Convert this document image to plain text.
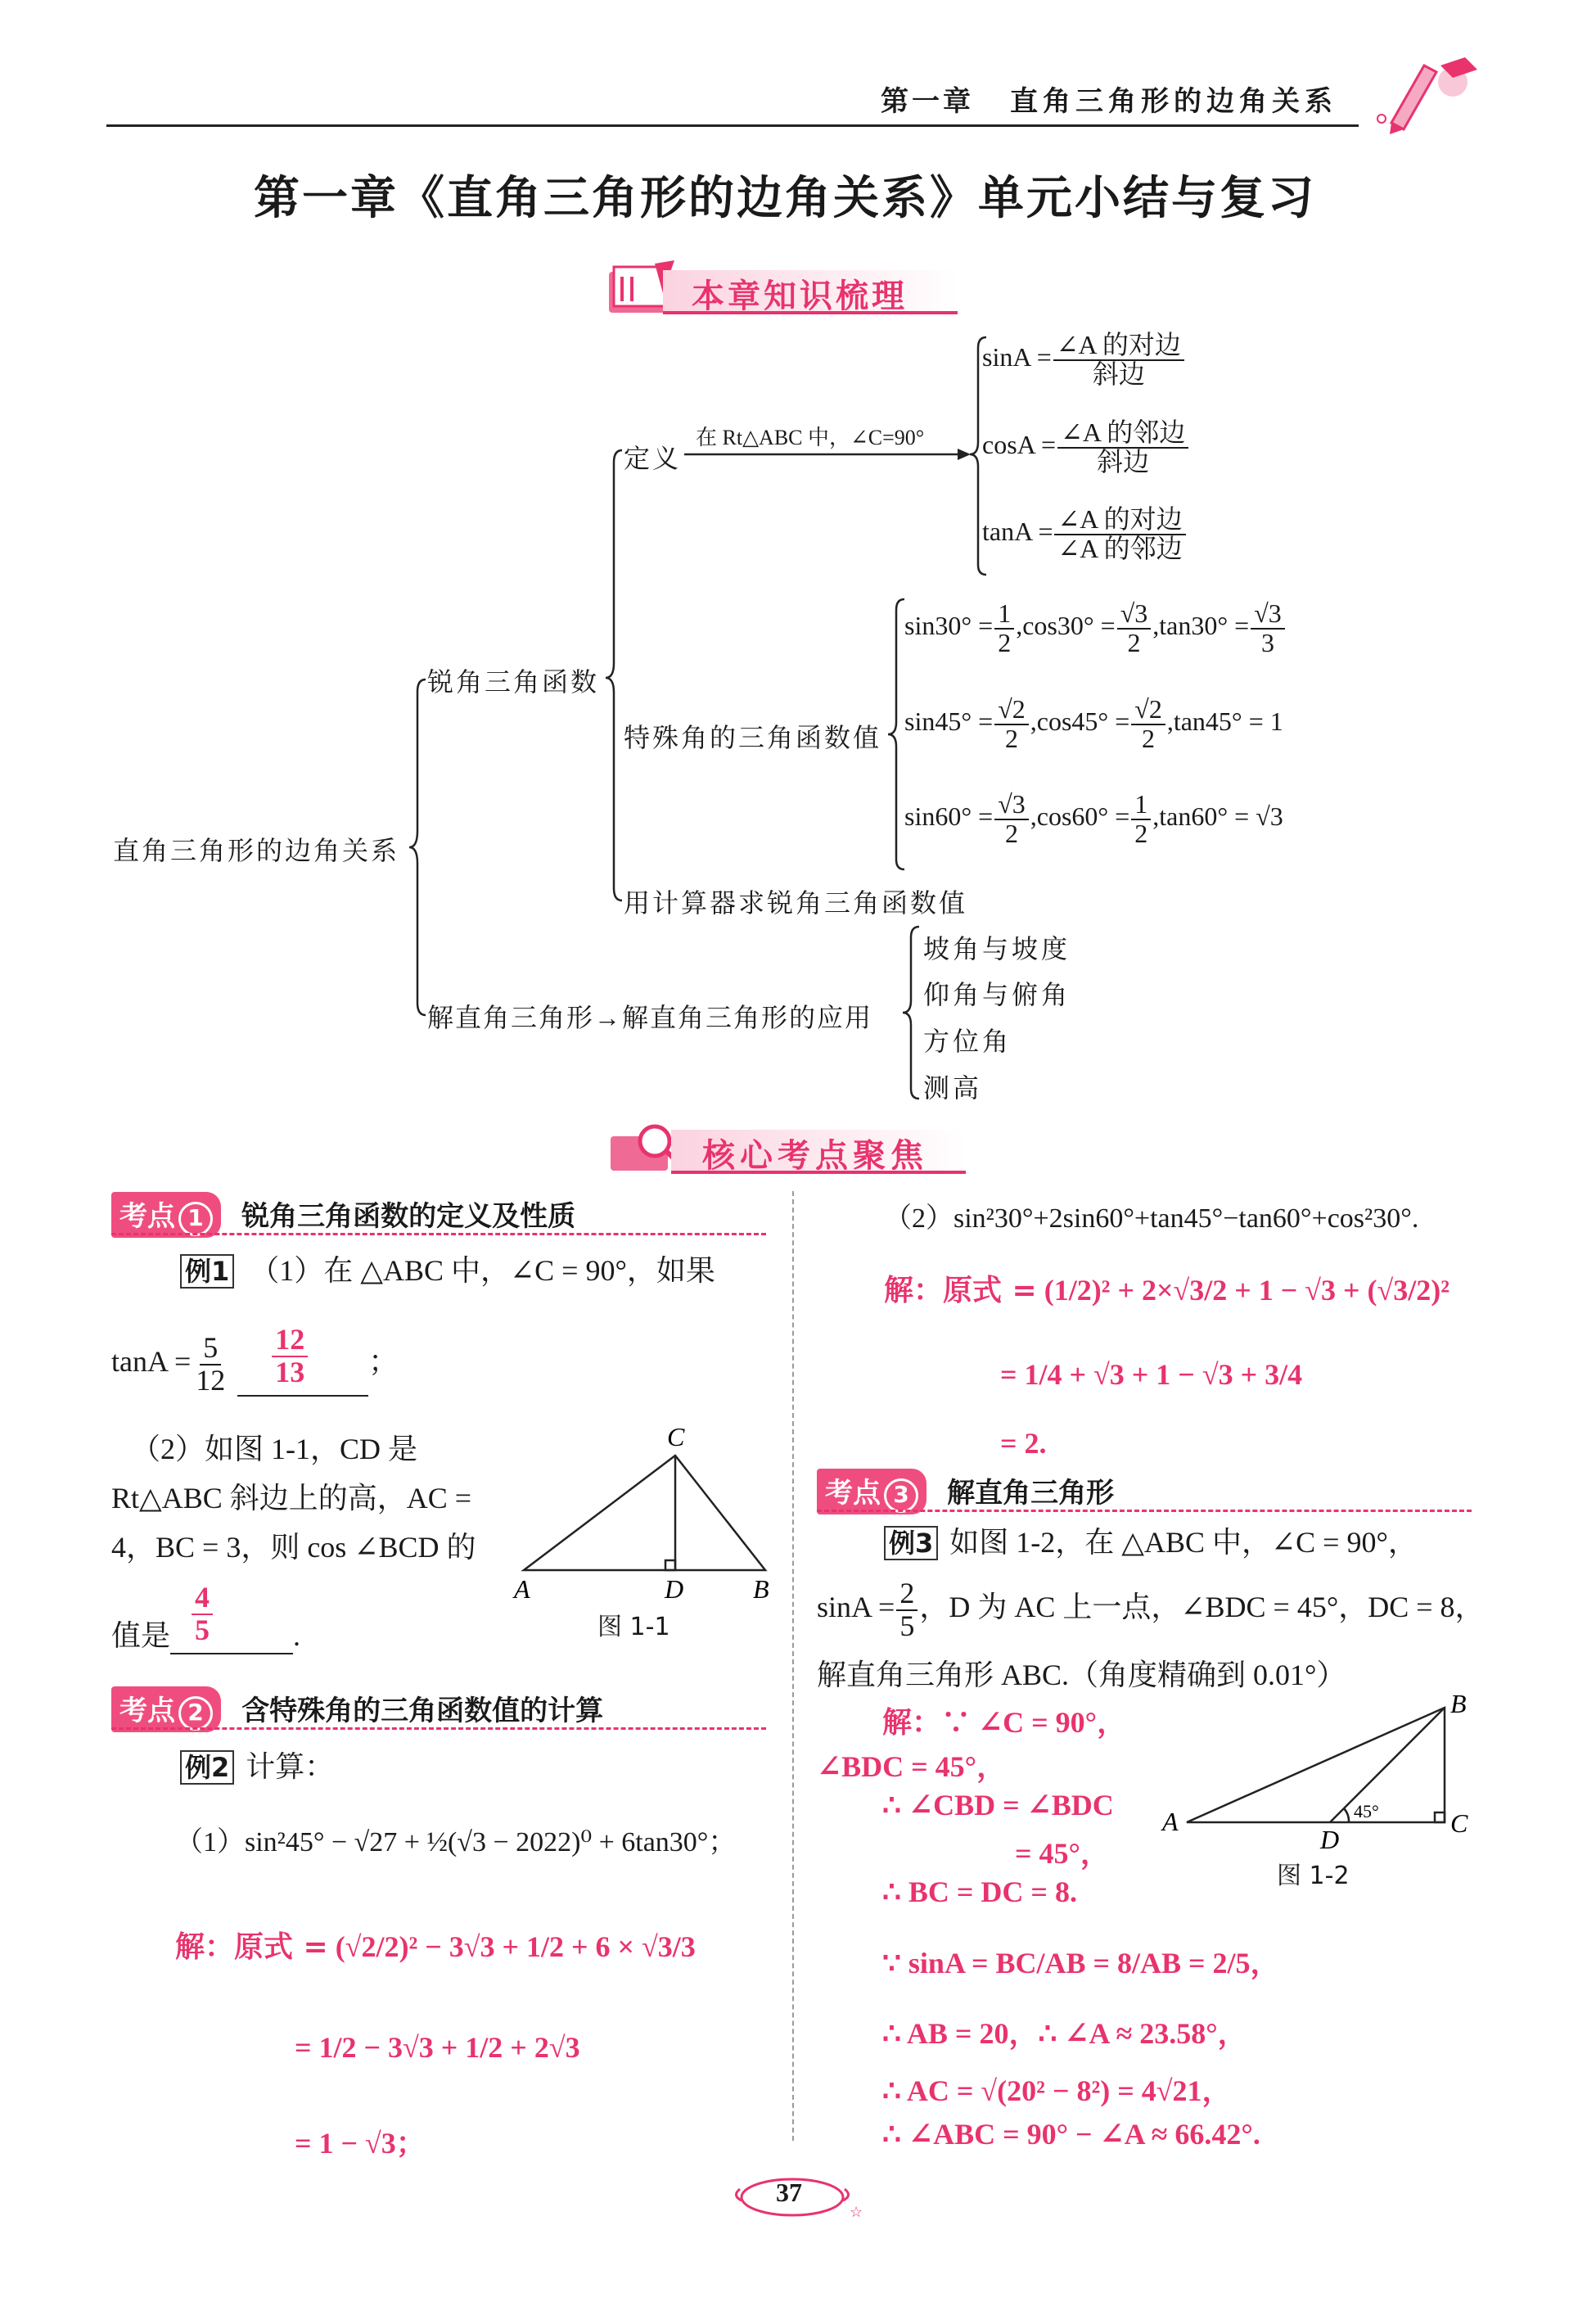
第一章 直角三角形的边角关系
第一章《直角三角形的边角关系》单元小结与复习
本章知识梳理
直角三角形的边角关系
锐角三角函数
定义
在 Rt△ABC 中，∠C=90°
$\sin A = \frac{\text{∠A 的对边}}{\text{斜边}}$
$\cos A = \frac{\text{∠A 的邻边}}{\text{斜边}}$
$\tan A = \frac{\text{∠A 的对边}}{\text{∠A 的邻边}}$
特殊角的三角函数值
$\sin 30^\circ = \frac{1}{2} ,\cos 30^\circ = \frac{√3}{2} ,\tan 30^\circ = \frac{√3}{3}$
$\sin 45^\circ = \frac{√2}{2} ,\cos 45^\circ = \frac{√2}{2} ,\tan 45^\circ = 1$
$\sin 60^\circ = \frac{√3}{2} ,\cos 60^\circ = \frac{1}{2} ,\tan 60^\circ = √3$
用计算器求锐角三角函数值
解直角三角形→解直角三角形的应用
坡角与坡度
仰角与俯角
方位角
测高
核心考点聚焦
考点 1 锐角三角函数的定义及性质
例1 （1）在 △ABC 中，∠C = 90°，如果
$\tan A = \frac{5}{12}$
$\frac{12}{13}$ ；
（2）如图 1-1，CD 是
Rt△ABC 斜边上的高，AC =
4，BC = 3，则 cos ∠BCD 的
值是 $\frac{4}{5}$	.
C
A	D	B
图 1-1
考点 2 含特殊角的三角函数值的计算
例2 计算：
（1）sin²45° − √27 + ½(√3 − 2022)⁰ + 6tan30°；
解：原式 = (√2/2)² − 3√3 + 1/2 + 6 × √3/3
= 1/2 − 3√3 + 1/2 + 2√3
= 1 − √3；
（2）sin²30°+2sin60°+tan45°−tan60°+cos²30°.
解：原式 = (1/2)² + 2×√3/2 + 1 − √3 + (√3/2)²
= 1/4 + √3 + 1 − √3 + 3/4
= 2.
考点 3 解直角三角形
例3 如图 1-2，在 △ABC 中，∠C = 90°，
$\sin A = \frac{2}{5}$ ，D 为 AC 上一点，∠BDC = 45°，DC = 8，
解直角三角形 ABC.（角度精确到 0.01°）
解：∵ ∠C = 90°，
∠BDC = 45°，
∴ ∠CBD = ∠BDC
= 45°，
∴ BC = DC = 8.
∵ sinA = BC/AB = 8/AB = 2/5，
∴ AB = 20，∴ ∠A ≈ 23.58°，
∴ AC = √(20² − 8²) = 4√21，
∴ ∠ABC = 90° − ∠A ≈ 66.42°.
B
A	C
D
45°
图 1-2
☆
37
